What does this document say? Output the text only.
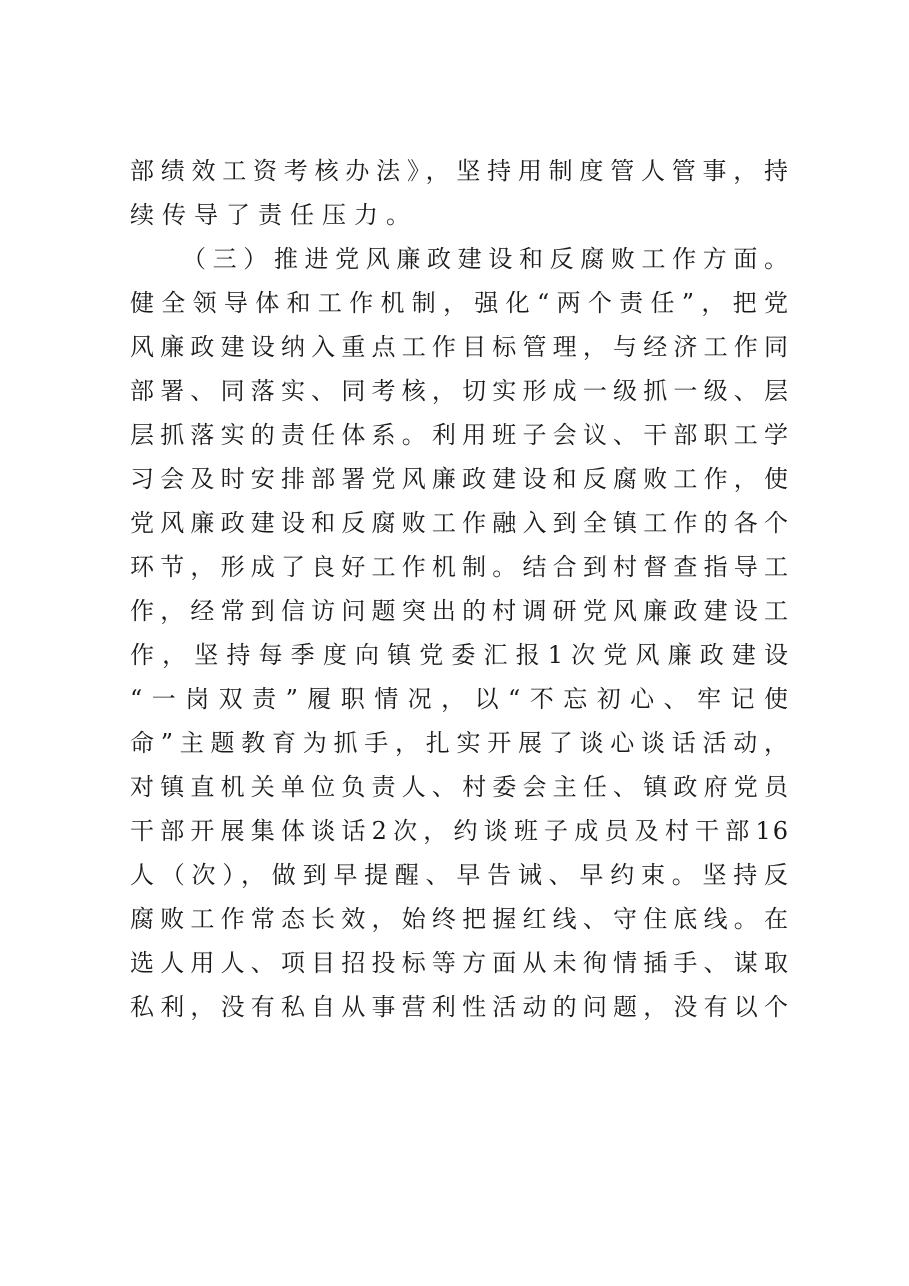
部绩效工资考核办法》，坚持用制度管人管事，持
续传导了责任压力。
（三）推进党风廉政建设和反腐败工作方面。
健全领导体和工作机制，强化“两个责任”，把党
风廉政建设纳入重点工作目标管理，与经济工作同
部署、同落实、同考核，切实形成一级抓一级、层
层抓落实的责任体系。利用班子会议、干部职工学
习会及时安排部署党风廉政建设和反腐败工作，使
党风廉政建设和反腐败工作融入到全镇工作的各个
环节，形成了良好工作机制。结合到村督查指导工
作，经常到信访问题突出的村调研党风廉政建设工
作，坚持每季度向镇党委汇报1次党风廉政建设
“一岗双责”履职情况，以“不忘初心、牢记使
命”主题教育为抓手，扎实开展了谈心谈话活动，
对镇直机关单位负责人、村委会主任、镇政府党员
干部开展集体谈话2次，约谈班子成员及村干部16
人（次），做到早提醒、早告诫、早约束。坚持反
腐败工作常态长效，始终把握红线、守住底线。在
选人用人、项目招投标等方面从未徇情插手、谋取
私利，没有私自从事营利性活动的问题，没有以个
